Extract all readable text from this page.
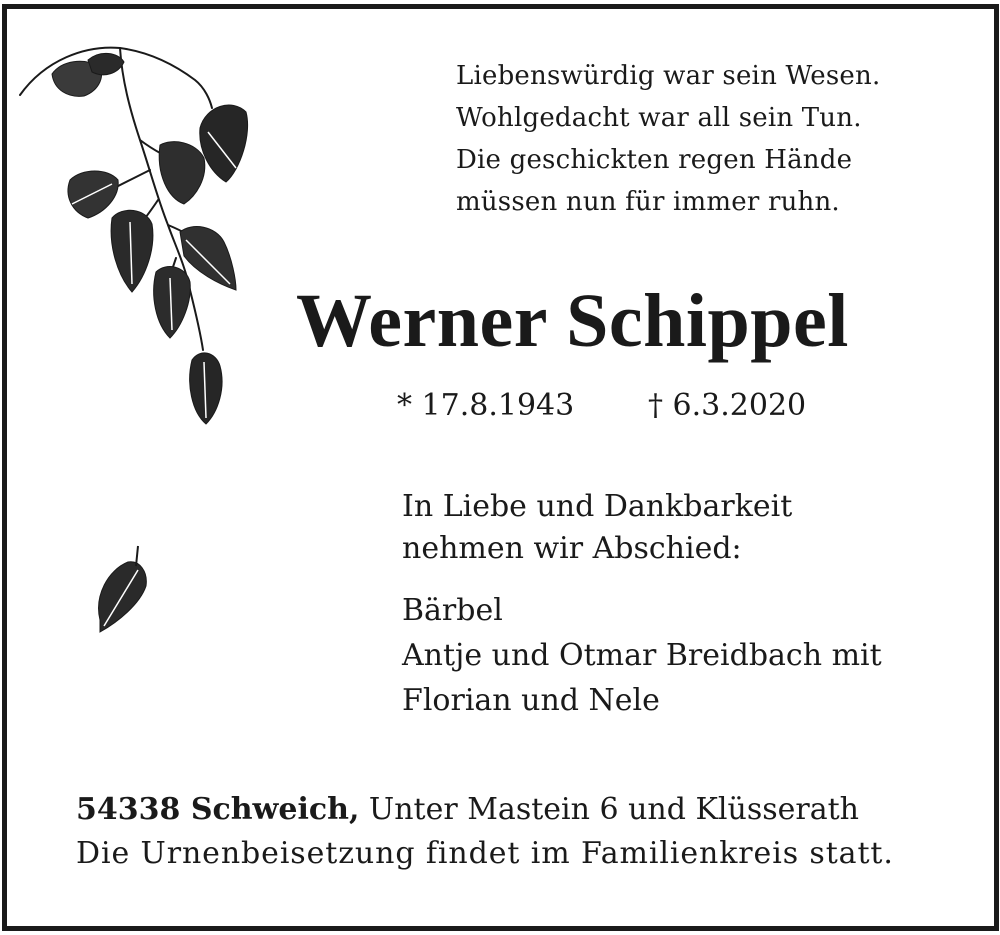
Liebenswürdig war sein Wesen.
Wohlgedacht war all sein Tun.
Die geschickten regen Hände
müssen nun für immer ruhn.
Werner Schippel
* 17.8.1943 † 6.3.2020
In Liebe und Dankbarkeit
nehmen wir Abschied:
Bärbel
Antje und Otmar Breidbach mit
Florian und Nele
54338 Schweich, Unter Mastein 6 und Klüsserath
Die Urnenbeisetzung findet im Familienkreis statt.
